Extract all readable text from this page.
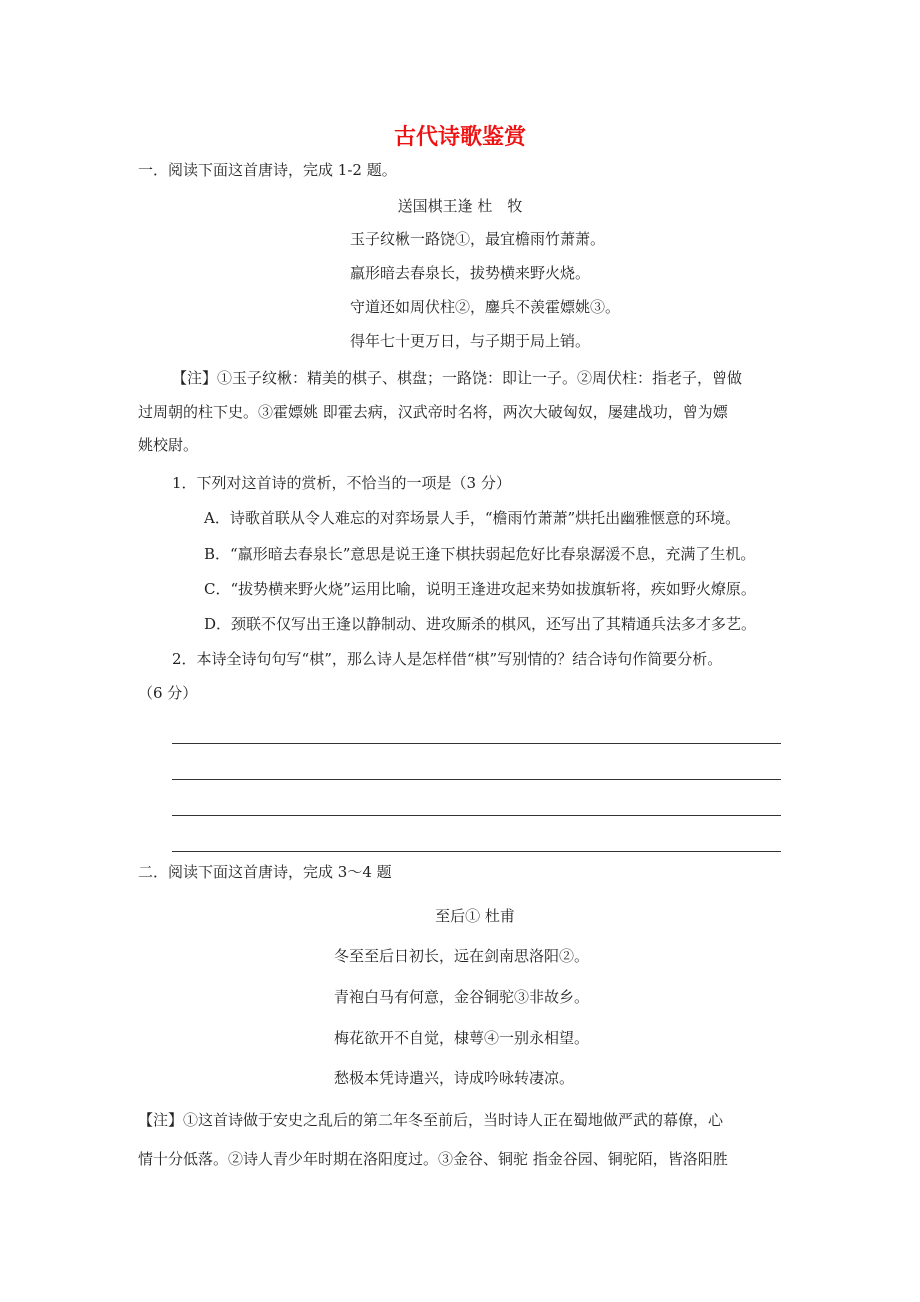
古代诗歌鉴赏
一．阅读下面这首唐诗，完成 1-2 题。
送国棋王逢 杜　牧
玉子纹楸一路饶①，最宜檐雨竹萧萧。
羸形暗去春泉长，拔势横来野火烧。
守道还如周伏柱②，鏖兵不羡霍嫖姚③。
得年七十更万日，与子期于局上销。
【注】①玉子纹楸：精美的棋子、棋盘；一路饶：即让一子。②周伏柱：指老子，曾做
过周朝的柱下史。③霍嫖姚 即霍去病，汉武帝时名将，两次大破匈奴，屡建战功，曾为嫖
姚校尉。
1．下列对这首诗的赏析，不恰当的一项是（3 分）
A．诗歌首联从令人难忘的对弈场景人手，“檐雨竹萧萧”烘托出幽雅惬意的环境。
B．“羸形暗去春泉长”意思是说王逢下棋扶弱起危好比春泉潺湲不息，充满了生机。
C．“拔势横来野火烧”运用比喻，说明王逢进攻起来势如拔旗斩将，疾如野火燎原。
D．颈联不仅写出王逢以静制动、进攻厮杀的棋风，还写出了其精通兵法多才多艺。
2．本诗全诗句句写“棋”，那么诗人是怎样借“棋”写别情的？结合诗句作简要分析。
（6 分）
二．阅读下面这首唐诗，完成 3～4 题
至后① 杜甫
冬至至后日初长，远在剑南思洛阳②。
青袍白马有何意，金谷铜驼③非故乡。
梅花欲开不自觉，棣萼④一别永相望。
愁极本凭诗遣兴，诗成吟咏转凄凉。
【注】①这首诗做于安史之乱后的第二年冬至前后，当时诗人正在蜀地做严武的幕僚，心
情十分低落。②诗人青少年时期在洛阳度过。③金谷、铜驼 指金谷园、铜驼陌，皆洛阳胜
